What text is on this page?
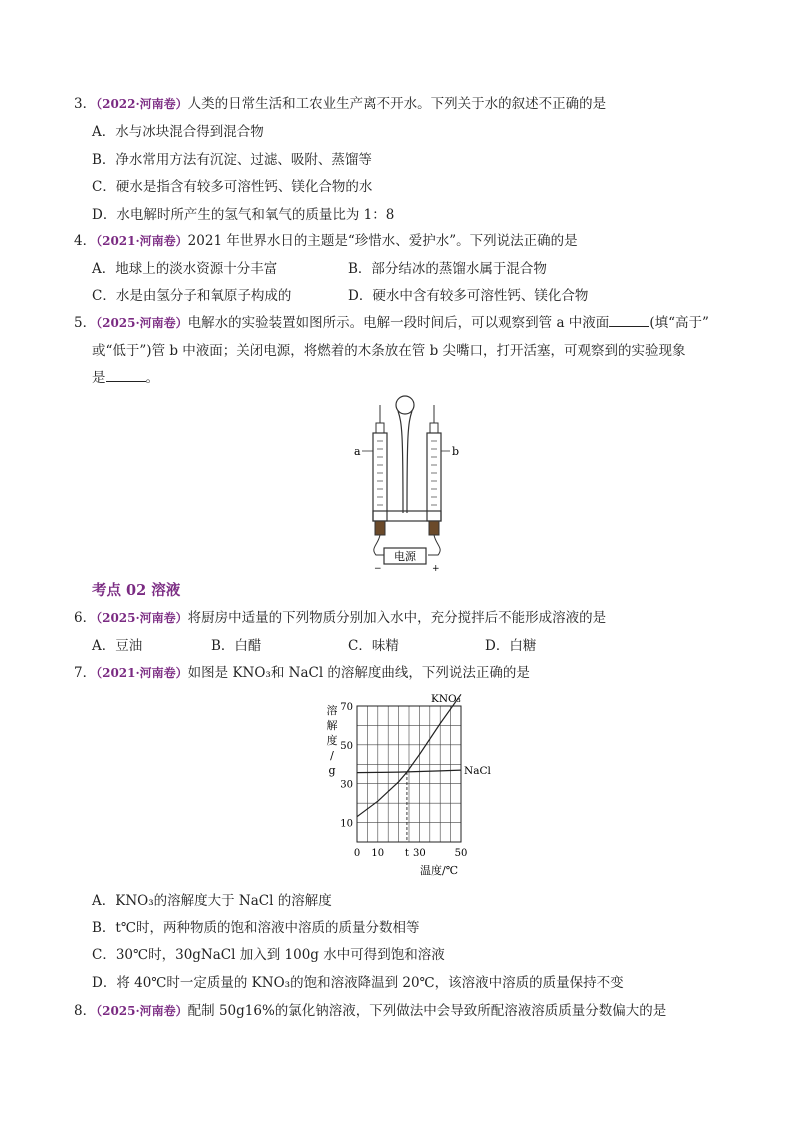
3．（2022·河南卷）人类的日常生活和工农业生产离不开水。下列关于水的叙述不正确的是
A．水与冰块混合得到混合物
B．净水常用方法有沉淀、过滤、吸附、蒸馏等
C．硬水是指含有较多可溶性钙、镁化合物的水
D．水电解时所产生的氢气和氧气的质量比为 1：8
4．（2021·河南卷）2021 年世界水日的主题是“珍惜水、爱护水”。下列说法正确的是
A．地球上的淡水资源十分丰富	B．部分结冰的蒸馏水属于混合物
C．水是由氢分子和氧原子构成的	D．硬水中含有较多可溶性钙、镁化合物
5．（2025·河南卷）电解水的实验装置如图所示。电解一段时间后，可以观察到管 a 中液面	(填“高于”
或“低于”)管 b 中液面；关闭电源，将燃着的木条放在管 b 尖嘴口，打开活塞，可观察到的实验现象
是	。
a	b
电源
−	+
考点 02 溶液
6．（2025·河南卷）将厨房中适量的下列物质分别加入水中，充分搅拌后不能形成溶液的是
A．豆油	B．白醋	C．味精	D．白糖
7．（2021·河南卷）如图是 KNO₃和 NaCl 的溶解度曲线，下列说法正确的是
10
30
50
70
0 10 t 30	50
溶
解
度
/
g
温度/℃
KNO₃
NaCl
A．KNO₃的溶解度大于 NaCl 的溶解度
B．t℃时，两种物质的饱和溶液中溶质的质量分数相等
C．30℃时，30gNaCl 加入到 100g 水中可得到饱和溶液
D．将 40℃时一定质量的 KNO₃的饱和溶液降温到 20℃，该溶液中溶质的质量保持不变
8．（2025·河南卷）配制 50g16%的氯化钠溶液，下列做法中会导致所配溶液溶质质量分数偏大的是
